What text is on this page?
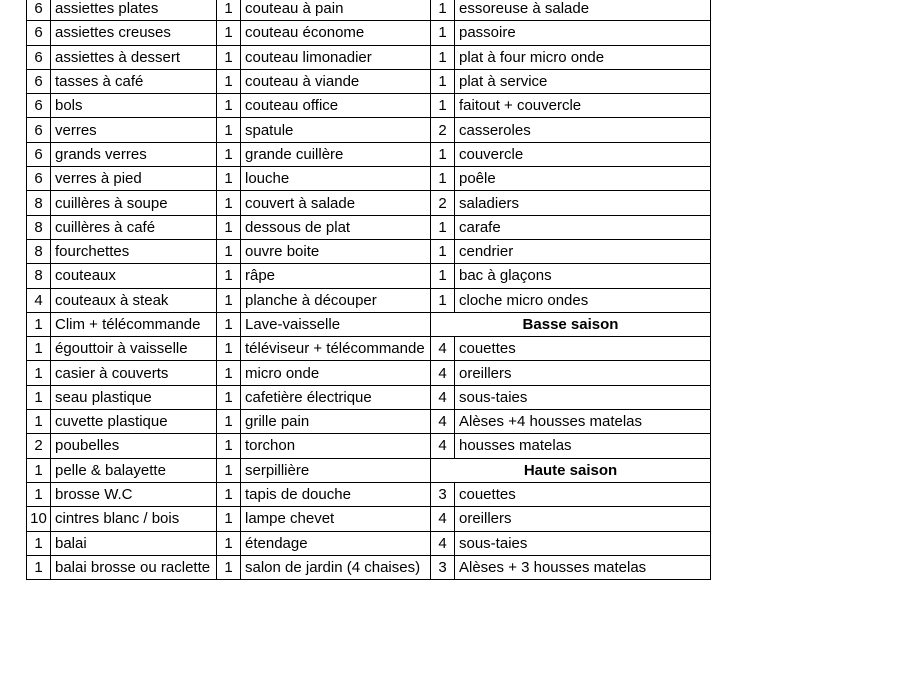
6	assiettes plates	1	couteau à pain	1	essoreuse à salade
6	assiettes creuses	1	couteau économe	1	passoire
6	assiettes à dessert	1	couteau limonadier	1	plat à four micro onde
6	tasses à café	1	couteau à viande	1	plat à service
6	bols	1	couteau office	1	faitout + couvercle
6	verres	1	spatule	2	casseroles
6	grands verres	1	grande cuillère	1	couvercle
6	verres à pied	1	louche	1	poêle
8	cuillères à soupe	1	couvert à salade	2	saladiers
8	cuillères à café	1	dessous de plat	1	carafe
8	fourchettes	1	ouvre boite	1	cendrier
8	couteaux	1	râpe	1	bac à glaçons
4	couteaux à steak	1	planche à découper	1	cloche micro ondes
1	Clim + télécommande	1	Lave-vaisselle	Basse saison	
1	égouttoir à vaisselle	1	téléviseur + télécommande	4	couettes
1	casier à couverts	1	micro onde	4	oreillers
1	seau plastique	1	cafetière électrique	4	sous-taies
1	cuvette plastique	1	grille pain	4	Alèses +4 housses matelas
2	poubelles	1	torchon	4	housses matelas
1	pelle & balayette	1	serpillière	Haute saison	
1	brosse W.C	1	tapis de douche	3	couettes
10	cintres blanc / bois	1	lampe chevet	4	oreillers
1	balai	1	étendage	4	sous-taies
1	balai brosse ou raclette	1	salon de jardin (4 chaises)	3	Alèses + 3 housses matelas
